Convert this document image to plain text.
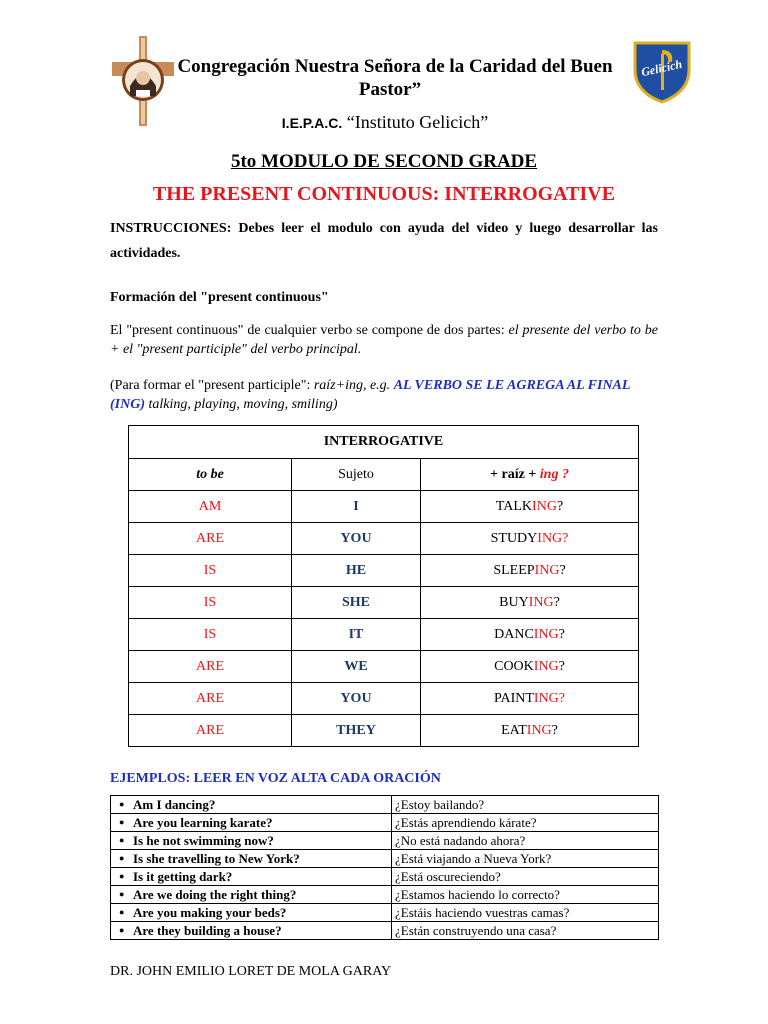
Gelicich
Congregación Nuestra Señora de la Caridad del Buen
Pastor”
I.E.P.A.C. “Instituto Gelicich”
5to MODULO DE SECOND GRADE
THE PRESENT CONTINUOUS: INTERROGATIVE
INSTRUCCIONES: Debes leer el modulo con ayuda del video y luego desarrollar las actividades.
Formación del "present continuous"
El "present continuous" de cualquier verbo se compone de dos partes: el presente del verbo to be + el "present participle" del verbo principal.
(Para formar el "present participle": raíz+ing, e.g. AL VERBO SE LE AGREGA AL FINAL (ING) talking, playing, moving, smiling)
INTERROGATIVE		
to be	Sujeto	+ raíz + ing ?
AM	I	TALKING?
ARE	YOU	STUDYING?
IS	HE	SLEEPING?
IS	SHE	BUYING?
IS	IT	DANCING?
ARE	WE	COOKING?
ARE	YOU	PAINTING?
ARE	THEY	EATING?
EJEMPLOS: LEER EN VOZ ALTA CADA ORACIÓN
● Am I dancing?	¿Estoy bailando?
● Are you learning karate?	¿Estás aprendiendo kárate?
● Is he not swimming now?	¿No está nadando ahora?
● Is she travelling to New York?	¿Está viajando a Nueva York?
● Is it getting dark?	¿Está oscureciendo?
● Are we doing the right thing?	¿Estamos haciendo lo correcto?
● Are you making your beds?	¿Estáis haciendo vuestras camas?
● Are they building a house?	¿Están construyendo una casa?
DR. JOHN EMILIO LORET DE MOLA GARAY
